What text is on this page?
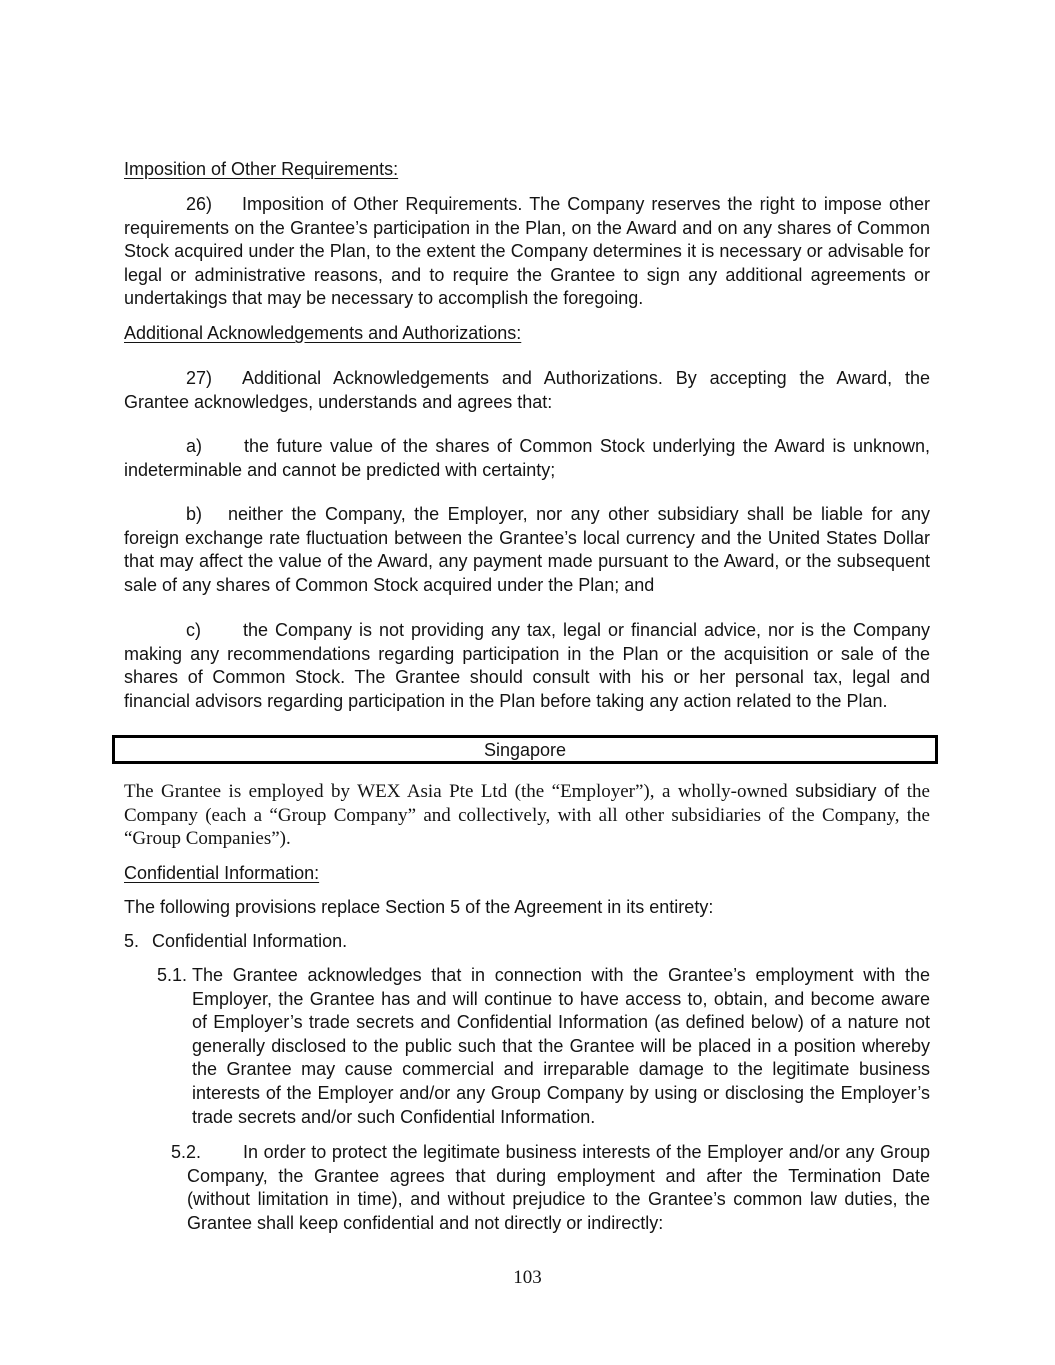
Imposition of Other Requirements:

26) Imposition of Other Requirements. The Company reserves the right to impose other requirements on the Grantee’s participation in the Plan, on the Award and on any shares of Common Stock acquired under the Plan, to the extent the Company determines it is necessary or advisable for legal or administrative reasons, and to require the Grantee to sign any additional agreements or undertakings that may be necessary to accomplish the foregoing.

Additional Acknowledgements and Authorizations:

27) Additional Acknowledgements and Authorizations. By accepting the Award, the Grantee acknowledges, understands and agrees that:

a) the future value of the shares of Common Stock underlying the Award is unknown, indeterminable and cannot be predicted with certainty;

b) neither the Company, the Employer, nor any other subsidiary shall be liable for any foreign exchange rate fluctuation between the Grantee’s local currency and the United States Dollar that may affect the value of the Award, any payment made pursuant to the Award, or the subsequent sale of any shares of Common Stock acquired under the Plan; and

c) the Company is not providing any tax, legal or financial advice, nor is the Company making any recommendations regarding participation in the Plan or the acquisition or sale of the shares of Common Stock. The Grantee should consult with his or her personal tax, legal and financial advisors regarding participation in the Plan before taking any action related to the Plan.

Singapore

The Grantee is employed by WEX Asia Pte Ltd (the “Employer”), a wholly-owned subsidiary of the Company (each a “Group Company” and collectively, with all other subsidiaries of the Company, the “Group Companies”).

Confidential Information:

The following provisions replace Section 5 of the Agreement in its entirety:

5. Confidential Information.

5.1. The Grantee acknowledges that in connection with the Grantee’s employment with the Employer, the Grantee has and will continue to have access to, obtain, and become aware of Employer’s trade secrets and Confidential Information (as defined below) of a nature not generally disclosed to the public such that the Grantee will be placed in a position whereby the Grantee may cause commercial and irreparable damage to the legitimate business interests of the Employer and/or any Group Company by using or disclosing the Employer’s trade secrets and/or such Confidential Information.

5.2. In order to protect the legitimate business interests of the Employer and/or any Group Company, the Grantee agrees that during employment and after the Termination Date (without limitation in time), and without prejudice to the Grantee’s common law duties, the Grantee shall keep confidential and not directly or indirectly:

103
